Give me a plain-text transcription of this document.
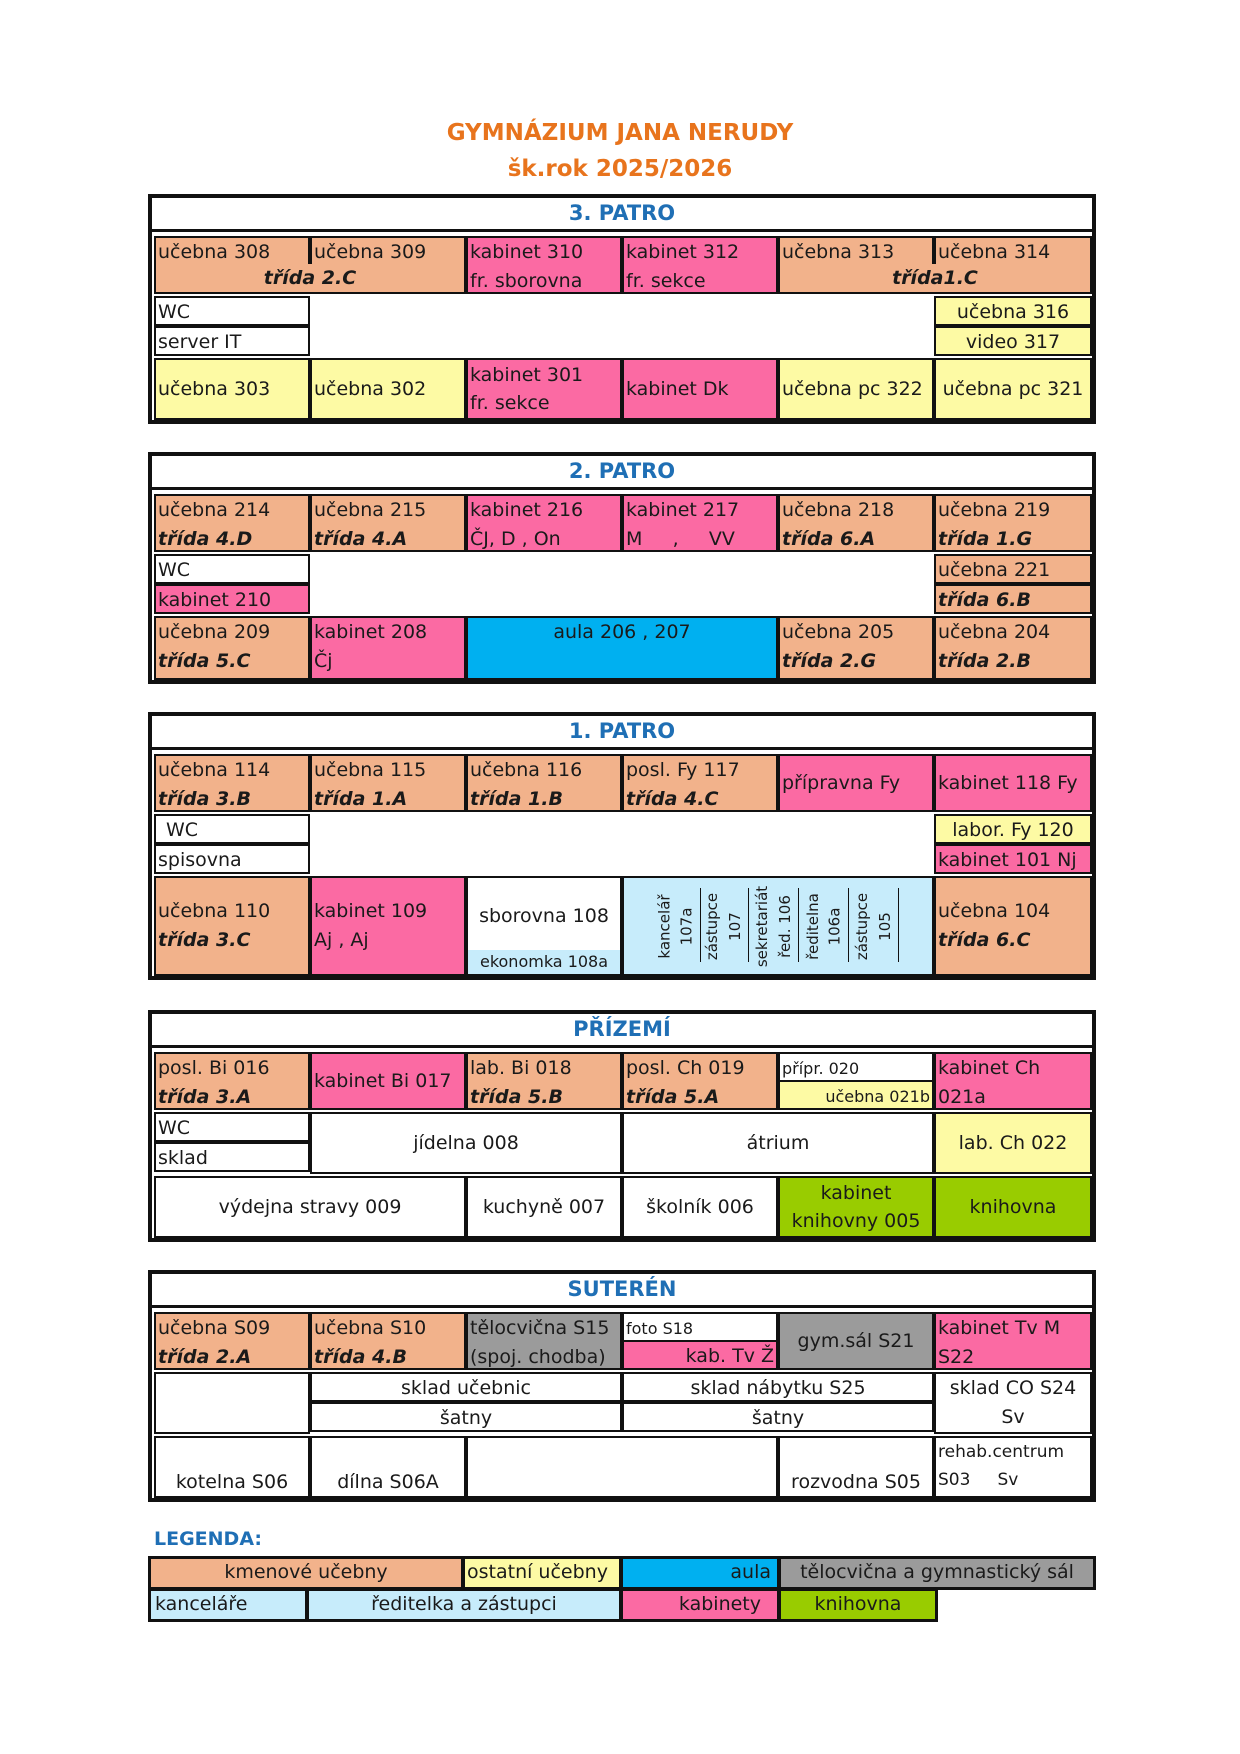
GYMNÁZIUM JANA NERUDY
šk.rok 2025/2026
3. PATRO
učebna 308	učebna 309
třída 2.C
kabinet 310
fr. sborovna
kabinet 312
fr. sekce
učebna 313	učebna 314
třída1.C
WC
server IT
učebna 316
video 317
učebna 303 učebna 302
kabinet 301
fr. sekce
kabinet Dk	učebna pc 322 učebna pc 321
2. PATRO
učebna 214
třída 4.D
učebna 215
třída 4.A
kabinet 216
ČJ, D , On
kabinet 217
M     ,     VV
učebna 218
třída 6.A
učebna 219
třída 1.G
WC
kabinet 210
učebna 221
třída 6.B
učebna 209
třída 5.C
kabinet 208
Čj
aula 206 , 207	učebna 205
třída 2.G
učebna 204
třída 2.B
1. PATRO
učebna 114
třída 3.B
učebna 115
třída 1.A
učebna 116
třída 1.B
posl. Fy 117
třída 4.C
přípravna Fy kabinet 118 Fy
WC
spisovna
labor. Fy 120
kabinet 101 Nj
učebna 110
třída 3.C
kabinet 109
Aj , Aj
sborovna 108
ekonomka 108a
kancelář 107a zástupce 107 sekretariát řed. 106 ředitelna 106a zástupce 105
učebna 104
třída 6.C
PŘÍZEMÍ
posl. Bi 016
třída 3.A
kabinet Bi 017
lab. Bi 018
třída 5.B
posl. Ch 019
třída 5.A
přípr. 020
učebna 021b
kabinet Ch
021a
WC
sklad
jídelna 008	átrium	lab. Ch 022
výdejna stravy 009	kuchyně 007 školník 006
kabinet
knihovny 005
knihovna
SUTERÉN
učebna S09
třída 2.A
učebna S10
třída 4.B
tělocvična S15
(spoj. chodba)
foto S18
kab. Tv Ž
gym.sál S21
kabinet Tv M
S22
sklad učebnic
šatny
sklad nábytku S25
šatny
sklad CO S24
Sv
kotelna S06	dílna S06A	rozvodna S05
rehab.centrum
S03     Sv
LEGENDA:
kmenové učebny	ostatní učebny	aula	tělocvična a gymnastický sál
kanceláře	ředitelka a zástupci	kabinety	knihovna
